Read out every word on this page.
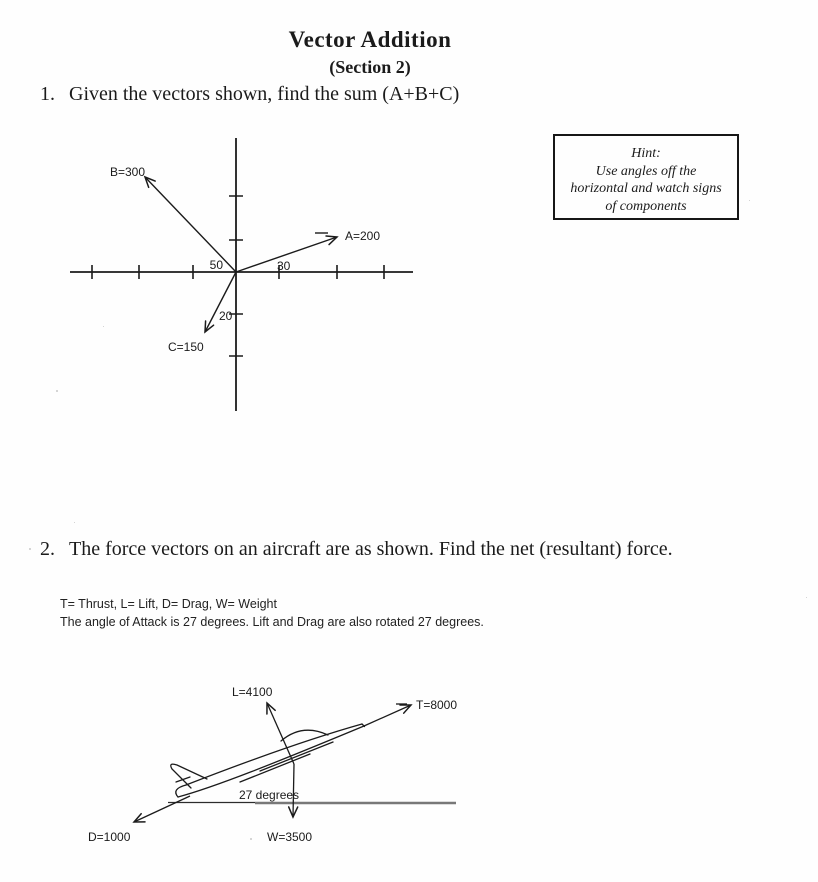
Vector Addition
(Section 2)
1. Given the vectors shown, find the sum (A+B+C)
A=200
B=300
C=150
50	30
20
Hint:
Use angles off the
horizontal and watch signs
of components
2. The force vectors on an aircraft are as shown. Find the net (resultant) force.
T= Thrust, L= Lift, D= Drag, W= Weight
The angle of Attack is 27 degrees. Lift and Drag are also rotated 27 degrees.
L=4100
T=8000
D=1000	W=3500
27 degrees
